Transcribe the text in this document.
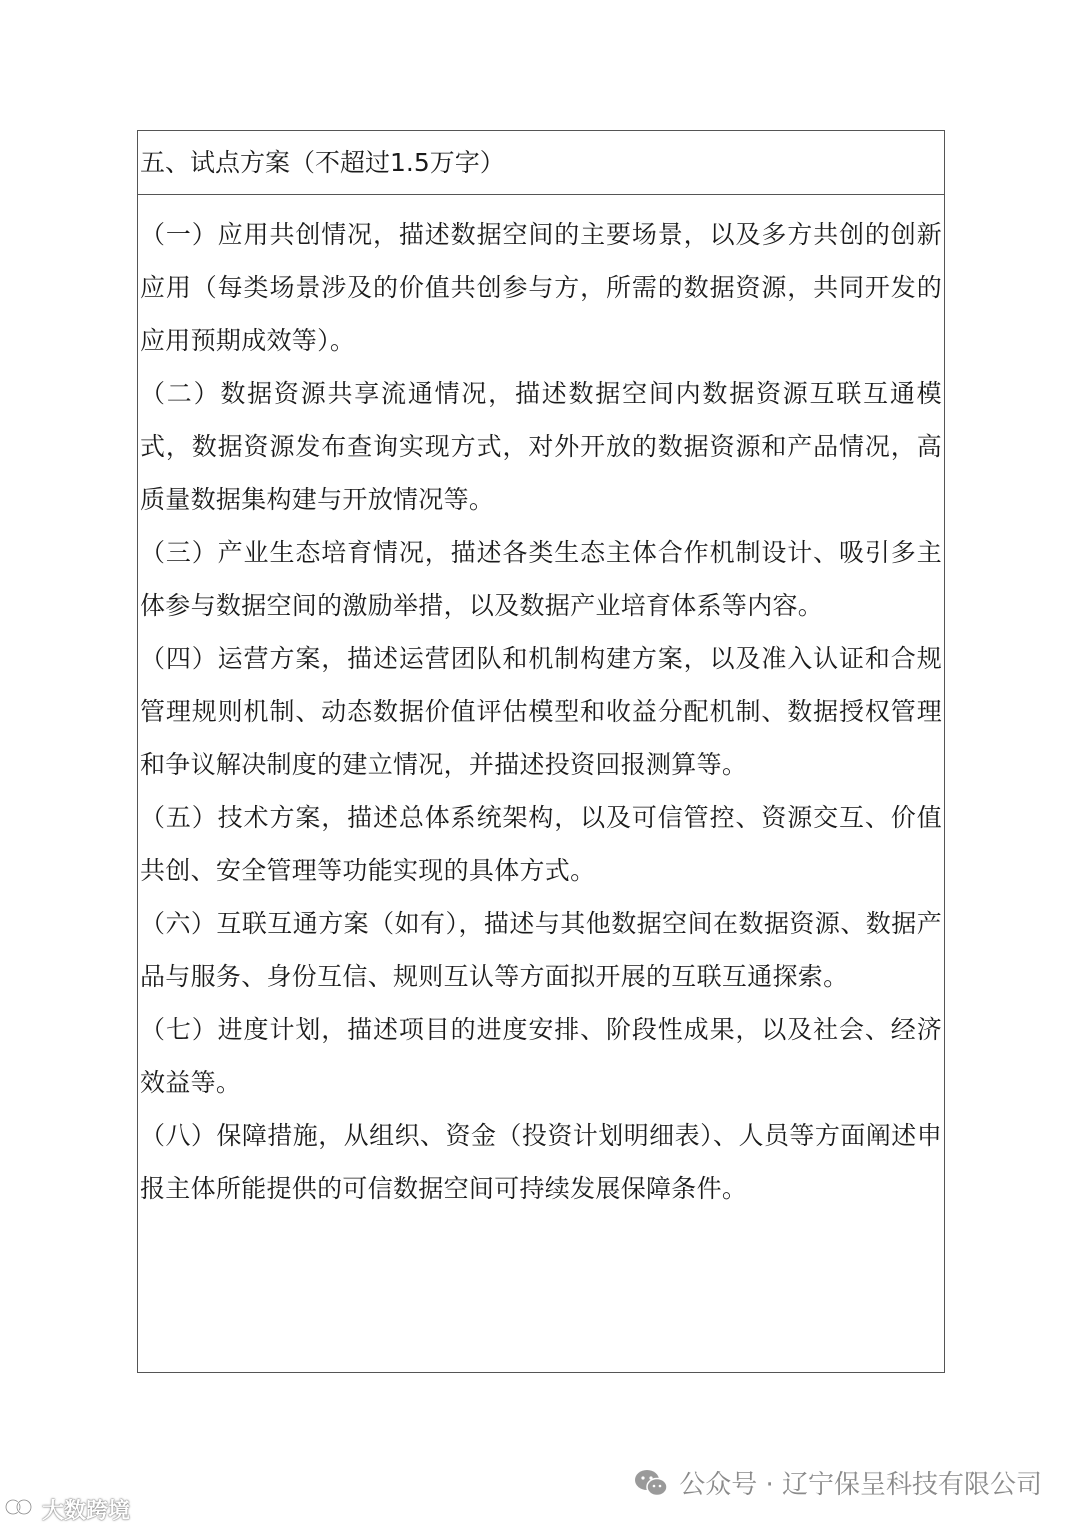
五、试点方案（不超过1.5万字）

（一）应用共创情况，描述数据空间的主要场景，以及多方共创的创新应用（每类场景涉及的价值共创参与方，所需的数据资源，共同开发的应用预期成效等）。

（二）数据资源共享流通情况，描述数据空间内数据资源互联互通模式，数据资源发布查询实现方式，对外开放的数据资源和产品情况，高质量数据集构建与开放情况等。

（三）产业生态培育情况，描述各类生态主体合作机制设计、吸引多主体参与数据空间的激励举措，以及数据产业培育体系等内容。

（四）运营方案，描述运营团队和机制构建方案，以及准入认证和合规管理规则机制、动态数据价值评估模型和收益分配机制、数据授权管理和争议解决制度的建立情况，并描述投资回报测算等。

（五）技术方案，描述总体系统架构，以及可信管控、资源交互、价值共创、安全管理等功能实现的具体方式。

（六）互联互通方案（如有），描述与其他数据空间在数据资源、数据产品与服务、身份互信、规则互认等方面拟开展的互联互通探索。

（七）进度计划，描述项目的进度安排、阶段性成果，以及社会、经济效益等。

（八）保障措施，从组织、资金（投资计划明细表）、人员等方面阐述申报主体所能提供的可信数据空间可持续发展保障条件。

公众号 · 辽宁保呈科技有限公司
大数跨境
